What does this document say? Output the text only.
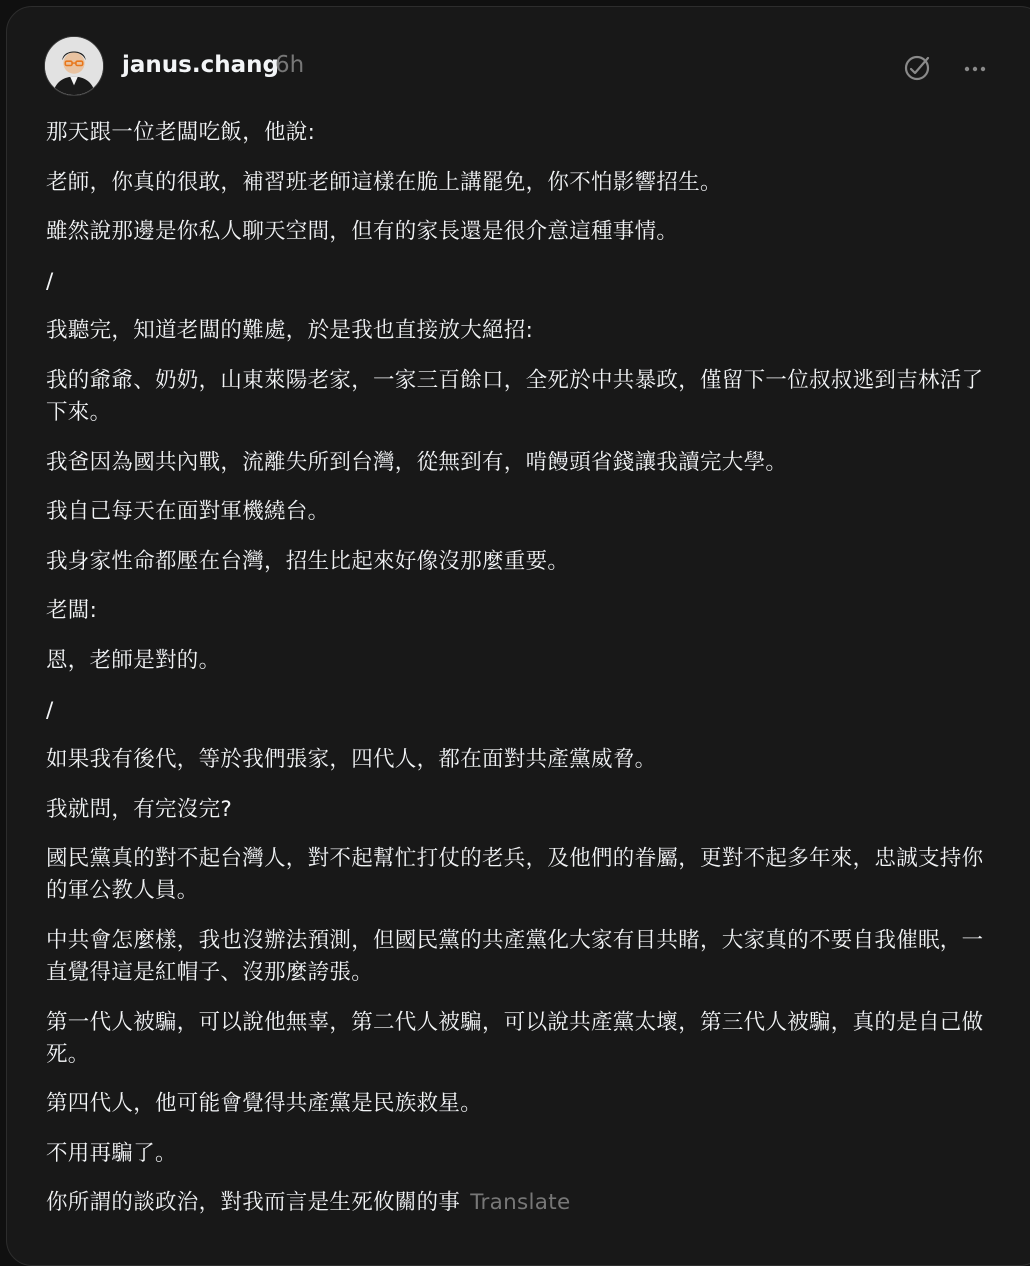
janus.chang
6h

那天跟一位老闆吃飯，他說:

老師，你真的很敢，補習班老師這樣在脆上講罷免，你不怕影響招生。

雖然說那邊是你私人聊天空間，但有的家長還是很介意這種事情。

/

我聽完，知道老闆的難處，於是我也直接放大絕招:

我的爺爺、奶奶，山東萊陽老家，一家三百餘口，全死於中共暴政，僅留下一位叔叔逃到吉林活了下來。

我爸因為國共內戰，流離失所到台灣，從無到有，啃饅頭省錢讓我讀完大學。

我自己每天在面對軍機繞台。

我身家性命都壓在台灣，招生比起來好像沒那麼重要。

老闆:

恩，老師是對的。

/

如果我有後代，等於我們張家，四代人，都在面對共產黨威脅。

我就問，有完沒完?

國民黨真的對不起台灣人，對不起幫忙打仗的老兵，及他們的眷屬，更對不起多年來，忠誠支持你的軍公教人員。

中共會怎麼樣，我也沒辦法預測，但國民黨的共產黨化大家有目共睹，大家真的不要自我催眠，一直覺得這是紅帽子、沒那麼誇張。

第一代人被騙，可以說他無辜，第二代人被騙，可以說共產黨太壞，第三代人被騙，真的是自己做死。

第四代人，他可能會覺得共產黨是民族救星。

不用再騙了。

你所謂的談政治，對我而言是生死攸關的事 Translate
